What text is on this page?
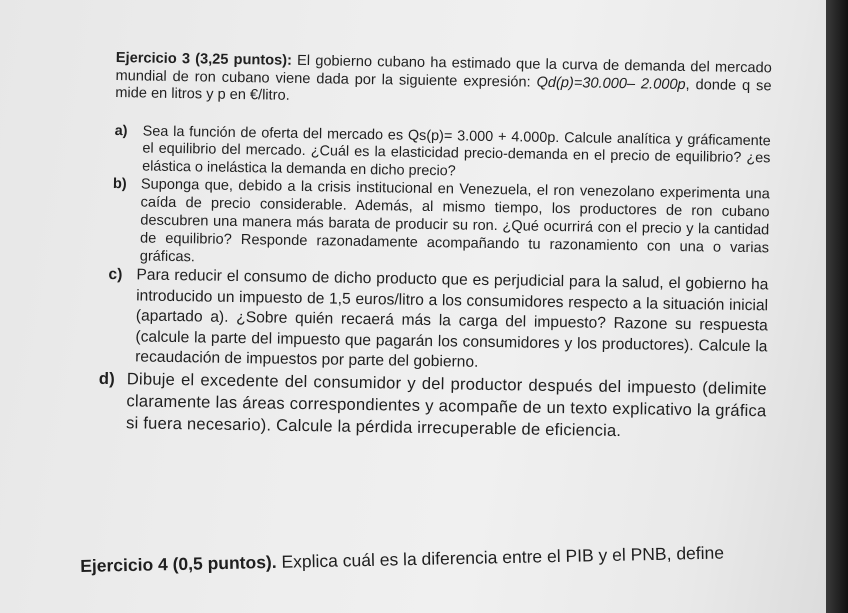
Ejercicio 3 (3,25 puntos): El gobierno cubano ha estimado que la curva de demanda del mercado mundial de ron cubano viene dada por la siguiente expresión: Qd(p)=30.000– 2.000p, donde q se mide en litros y p en €/litro.

a) Sea la función de oferta del mercado es Qs(p)= 3.000 + 4.000p. Calcule analítica y gráficamente el equilibrio del mercado. ¿Cuál es la elasticidad precio-demanda en el precio de equilibrio? ¿es elástica o inelástica la demanda en dicho precio?
b) Suponga que, debido a la crisis institucional en Venezuela, el ron venezolano experimenta una caída de precio considerable. Además, al mismo tiempo, los productores de ron cubano descubren una manera más barata de producir su ron. ¿Qué ocurrirá con el precio y la cantidad de equilibrio? Responde razonadamente acompañando tu razonamiento con una o varias gráficas.
c) Para reducir el consumo de dicho producto que es perjudicial para la salud, el gobierno ha introducido un impuesto de 1,5 euros/litro a los consumidores respecto a la situación inicial (apartado a). ¿Sobre quién recaerá más la carga del impuesto? Razone su respuesta (calcule la parte del impuesto que pagarán los consumidores y los productores). Calcule la recaudación de impuestos por parte del gobierno.
d) Dibuje el excedente del consumidor y del productor después del impuesto (delimite claramente las áreas correspondientes y acompañe de un texto explicativo la gráfica si fuera necesario). Calcule la pérdida irrecuperable de eficiencia.
Ejercicio 4 (0,5 puntos). Explica cuál es la diferencia entre el PIB y el PNB, define
